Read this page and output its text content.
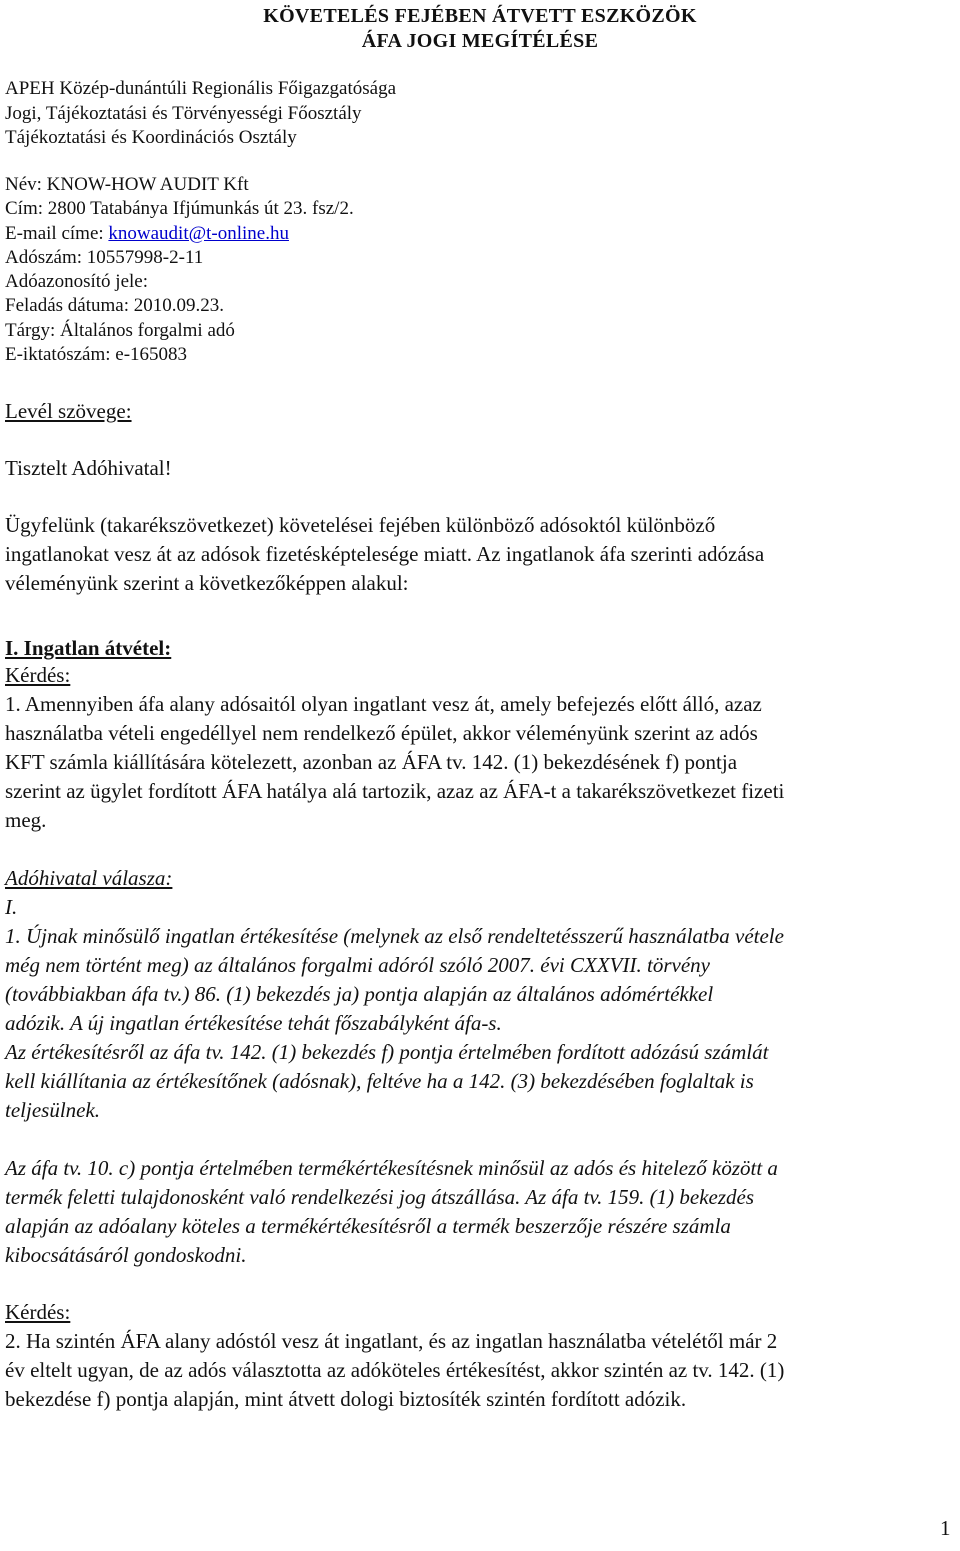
KÖVETELÉS FEJÉBEN ÁTVETT ESZKÖZÖK
ÁFA JOGI MEGÍTÉLÉSE
APEH Közép-dunántúli Regionális Főigazgatósága
Jogi, Tájékoztatási és Törvényességi Főosztály
Tájékoztatási és Koordinációs Osztály
Név: KNOW-HOW AUDIT Kft
Cím: 2800 Tatabánya Ifjúmunkás út 23. fsz/2.
E-mail címe: knowaudit@t-online.hu
Adószám: 10557998-2-11
Adóazonosító jele:
Feladás dátuma: 2010.09.23.
Tárgy: Általános forgalmi adó
E-iktatószám: e-165083
Levél szövege:
Tisztelt Adóhivatal!
Ügyfelünk (takarékszövetkezet) követelései fejében különböző adósoktól különböző
ingatlanokat vesz át az adósok fizetésképtelesége miatt. Az ingatlanok áfa szerinti adózása
véleményünk szerint a következőképpen alakul:
I. Ingatlan átvétel:
Kérdés:
1. Amennyiben áfa alany adósaitól olyan ingatlant vesz át, amely befejezés előtt álló, azaz
használatba vételi engedéllyel nem rendelkező épület, akkor véleményünk szerint az adós
KFT számla kiállítására kötelezett, azonban az ÁFA tv. 142. (1) bekezdésének f) pontja
szerint az ügylet fordított ÁFA hatálya alá tartozik, azaz az ÁFA-t a takarékszövetkezet fizeti
meg.
Adóhivatal válasza:
I.
1. Újnak minősülő ingatlan értékesítése (melynek az első rendeltetésszerű használatba vétele
még nem történt meg) az általános forgalmi adóról szóló 2007. évi CXXVII. törvény
(továbbiakban áfa tv.) 86. (1) bekezdés ja) pontja alapján az általános adómértékkel
adózik. A új ingatlan értékesítése tehát főszabályként áfa-s.
Az értékesítésről az áfa tv. 142. (1) bekezdés f) pontja értelmében fordított adózású számlát
kell kiállítania az értékesítőnek (adósnak), feltéve ha a 142. (3) bekezdésében foglaltak is
teljesülnek.
Az áfa tv. 10. c) pontja értelmében termékértékesítésnek minősül az adós és hitelező között a
termék feletti tulajdonosként való rendelkezési jog átszállása. Az áfa tv. 159. (1) bekezdés
alapján az adóalany köteles a termékértékesítésről a termék beszerzője részére számla
kibocsátásáról gondoskodni.
Kérdés:
2. Ha szintén ÁFA alany adóstól vesz át ingatlant, és az ingatlan használatba vételétől már 2
év eltelt ugyan, de az adós választotta az adóköteles értékesítést, akkor szintén az tv. 142. (1)
bekezdése f) pontja alapján, mint átvett dologi biztosíték szintén fordított adózik.
1
